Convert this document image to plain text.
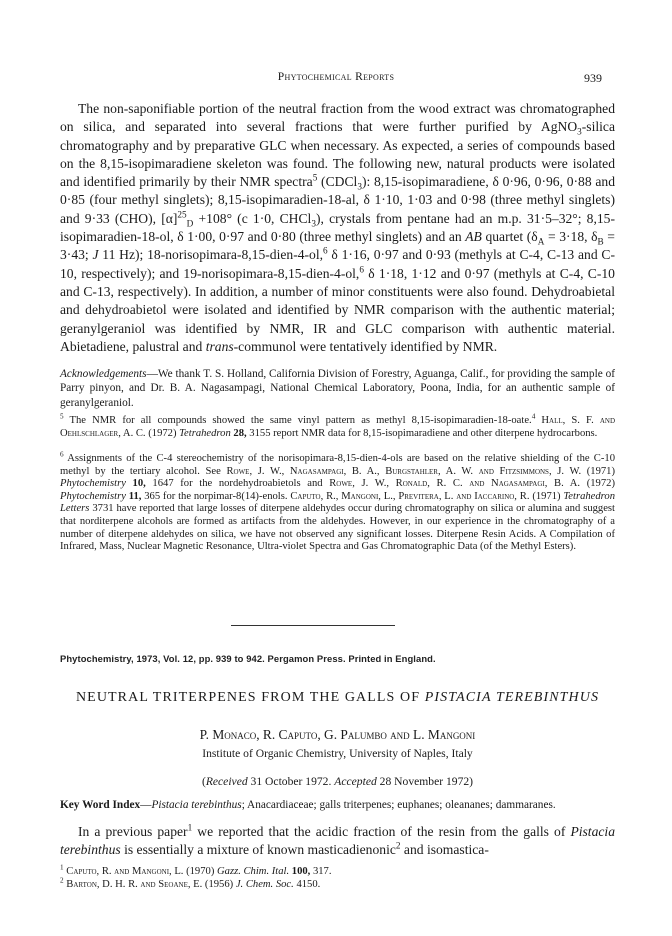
Phytochemical Reports	939
The non-saponifiable portion of the neutral fraction from the wood extract was chromatographed on silica, and separated into several fractions that were further purified by AgNO$_3$-silica chromatography and by preparative GLC when necessary. As expected, a series of compounds based on the 8,15-isopimaradiene skeleton was found. The following new, natural products were isolated and identified primarily by their NMR spectra$^5$ (CDCl$_3$): 8,15-isopimaradiene, δ 0·96, 0·96, 0·88 and 0·85 (four methyl singlets); 8,15-isopimaradien-18-al, δ 1·10, 1·03 and 0·98 (three methyl singlets) and 9·33 (CHO), $[\alpha]^{25}_D +108^\circ$ (c 1·0, CHCl$_3$), crystals from pentane had an m.p. 31·5–32°; 8,15-isopimaradien-18-ol, δ 1·00, 0·97 and 0·80 (three methyl singlets) and an AB quartet ($\delta_A = 3\cdot 18$, $\delta_B = 3\cdot 43$; J 11 Hz); 18-norisopimara-8,15-dien-4-ol,$^6$ δ 1·16, 0·97 and 0·93 (methyls at C-4, C-13 and C-10, respectively); and 19-norisopimara-8,15-dien-4-ol,$^6$ δ 1·18, 1·12 and 0·97 (methyls at C-4, C-10 and C-13, respectively). In addition, a number of minor constituents were also found. Dehydroabietal and dehydroabietol were isolated and identified by NMR comparison with the authentic material; geranylgeraniol was identified by NMR, IR and GLC comparison with authentic material. Abietadiene, palustral and trans-communol were tentatively identified by NMR.
Acknowledgements—We thank T. S. Holland, California Division of Forestry, Aguanga, Calif., for providing the sample of Parry pinyon, and Dr. B. A. Nagasampagi, National Chemical Laboratory, Poona, India, for an authentic sample of geranylgeraniol.
$^5$ The NMR for all compounds showed the same vinyl pattern as methyl 8,15-isopimaradien-18-oate.$^4$ Hall, S. F. and Oehlschlager, A. C. (1972) Tetrahedron 28, 3155 report NMR data for 8,15-isopimaradiene and other diterpene hydrocarbons.
$^6$ Assignments of the C-4 stereochemistry of the norisopimara-8,15-dien-4-ols are based on the relative shielding of the C-10 methyl by the tertiary alcohol. See Rowe, J. W., Nagasampagi, B. A., Burgstahler, A. W. and Fitzsimmons, J. W. (1971) Phytochemistry 10, 1647 for the nordehydroabietols and Rowe, J. W., Ronald, R. C. and Nagasampagi, B. A. (1972) Phytochemistry 11, 365 for the norpimar-8(14)-enols. Caputo, R., Mangoni, L., Previtera, L. and Iaccarino, R. (1971) Tetrahedron Letters 3731 have reported that large losses of diterpene aldehydes occur during chromatography on silica or alumina and suggest that norditerpene alcohols are formed as artifacts from the aldehydes. However, in our experience in the chromatography of a number of diterpene aldehydes on silica, we have not observed any significant losses. Diterpene Resin Acids. A Compilation of Infrared, Mass, Nuclear Magnetic Resonance, Ultra-violet Spectra and Gas Chromatographic Data (of the Methyl Esters).
Phytochemistry, 1973, Vol. 12, pp. 939 to 942. Pergamon Press. Printed in England.
NEUTRAL TRITERPENES FROM THE GALLS OF PISTACIA TEREBINTHUS
P. Monaco, R. Caputo, G. Palumbo and L. Mangoni
Institute of Organic Chemistry, University of Naples, Italy
(Received 31 October 1972. Accepted 28 November 1972)
Key Word Index—Pistacia terebinthus; Anacardiaceae; galls triterpenes; euphanes; oleananes; dammaranes.
In a previous paper$^1$ we reported that the acidic fraction of the resin from the galls of Pistacia terebinthus is essentially a mixture of known masticadienonic$^2$ and isomastica-
$^1$ Caputo, R. and Mangoni, L. (1970) Gazz. Chim. Ital. 100, 317.
$^2$ Barton, D. H. R. and Seoane, E. (1956) J. Chem. Soc. 4150.
